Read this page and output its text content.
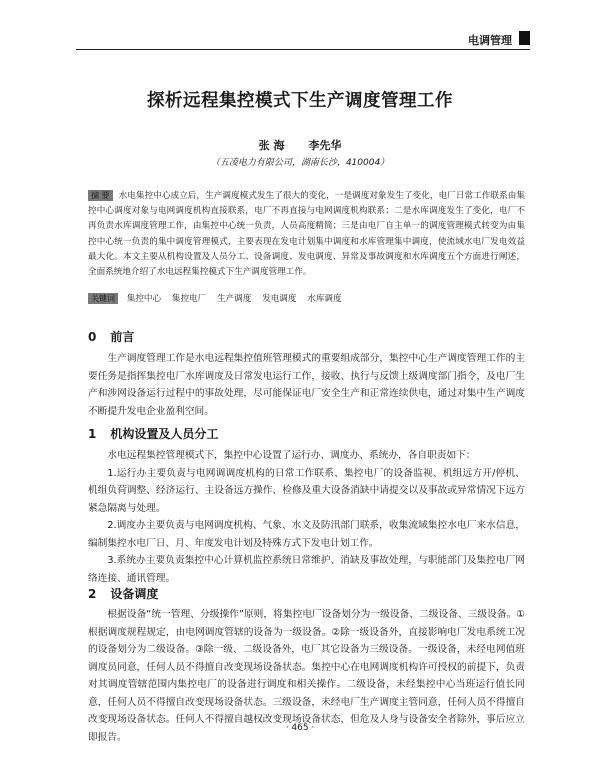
电调管理
探析远程集控模式下生产调度管理工作
张 海 李先华
（五凌电力有限公司，湖南长沙，410004）
摘 要 水电集控中心成立后，生产调度模式发生了很大的变化，一是调度对象发生了变化，电厂日常工作联系由集控中心调度对象与电网调度机构直接联系，电厂不再直接与电网调度机构联系；二是水库调度发生了变化，电厂不再负责水库调度管理工作，由集控中心统一负责，人员高度精简；三是由电厂自主单一的调度管理模式转变为由集控中心统一负责的集中调度管理模式，主要表现在发电计划集中调度和水库管理集中调度，使流域水电厂发电效益最大化。本文主要从机构设置及人员分工、设备调度、发电调度、异常及事故调度和水库调度五个方面进行阐述，全面系统地介绍了水电远程集控模式下生产调度管理工作。
关键词 集控中心 集控电厂 生产调度 发电调度 水库调度
0 前言

生产调度管理工作是水电远程集控值班管理模式的重要组成部分，集控中心生产调度管理工作的主要任务是指挥集控电厂水库调度及日常发电运行工作，接收、执行与反馈上级调度部门指令，及电厂生产和涉网设备运行过程中的事故处理，尽可能保证电厂安全生产和正常连续供电，通过对集中生产调度不断提升发电企业盈利空间。

1 机构设置及人员分工

水电远程集控管理模式下，集控中心设置了运行办、调度办、系统办，各自职责如下：

1.运行办主要负责与电网调调度机构的日常工作联系、集控电厂的设备监视、机组远方开/停机、机组负荷调整、经济运行、主设备远方操作、检修及重大设备消缺中请提交以及事故或异常情况下远方紧急隔离与处理。

2.调度办主要负责与电网调度机构、气象、水文及防汛部门联系，收集流域集控水电厂来水信息，编制集控水电厂日、月、年度发电计划及特殊方式下发电计划工作。

3.系统办主要负责集控中心计算机监控系统日常维护、消缺及事故处理，与职能部门及集控电厂网络连接、通讯管理。

2 设备调度

根据设备“统一管理、分级操作”原则，将集控电厂设备划分为一级设备、二级设备、三级设备。①根据调度规程规定，由电网调度管辖的设备为一级设备。②除一级设备外，直接影响电厂发电系统工况的设备划分为二级设备。③除一级、二级设备外，电厂其它设备为三级设备。一级设备，未经电网值班调度员同意，任何人员不得擅自改变现场设备状态。集控中心在电网调度机构许可授权的前提下，负责对其调度管辖范围内集控电厂的设备进行调度和相关操作。二级设备，未经集控中心当班运行值长同意，任何人员不得擅自改变现场设备状态。三级设备，未经电厂生产调度主管同意，任何人员不得擅自改变现场设备状态。任何人不得擅自越权改变现场设备状态，但危及人身与设备安全者除外，事后应立即报告。

· 465 ·
